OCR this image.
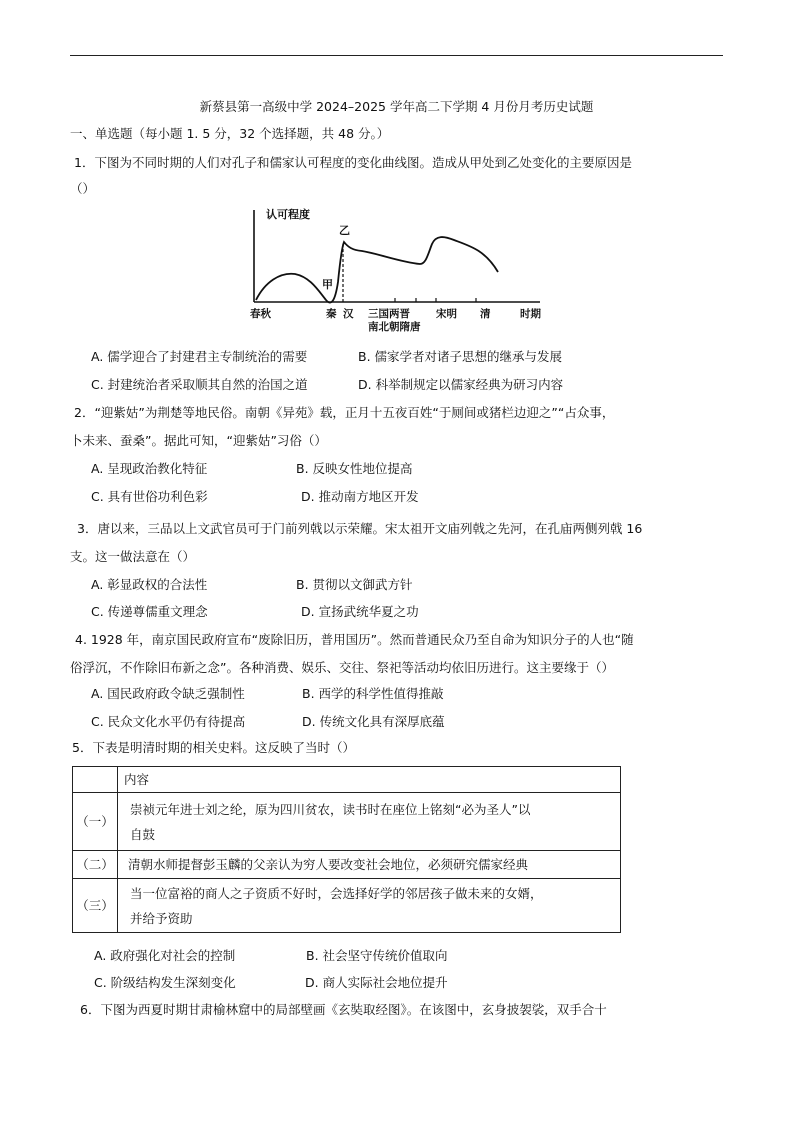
新蔡县第一高级中学 2024–2025 学年高二下学期 4 月份月考历史试题
一、单选题（每小题 1. 5 分，32 个选择题，共 48 分。）
1．下图为不同时期的人们对孔子和儒家认可程度的变化曲线图。造成从甲处到乙处变化的主要原因是
（）
认可程度
乙
甲
春秋	秦 汉 三国两晋
南北朝隋唐
宋明 清	时期
A. 儒学迎合了封建君主专制统治的需要	B. 儒家学者对诸子思想的继承与发展
C. 封建统治者采取顺其自然的治国之道	D. 科举制规定以儒家经典为研习内容
2．“迎紫姑”为荆楚等地民俗。南朝《异苑》载，正月十五夜百姓“于厕间或猪栏边迎之”“占众事，
卜未来、蚕桑”。据此可知，“迎紫姑”习俗（）
A. 呈现政治教化特征	B. 反映女性地位提高
C. 具有世俗功利色彩	D. 推动南方地区开发
3．唐以来，三品以上文武官员可于门前列戟以示荣耀。宋太祖开文庙列戟之先河，在孔庙两侧列戟 16
支。这一做法意在（）
A. 彰显政权的合法性	B. 贯彻以文御武方针
C. 传递尊儒重文理念	D. 宣扬武统华夏之功
4. 1928 年，南京国民政府宣布“废除旧历，普用国历”。然而普通民众乃至自命为知识分子的人也“随
俗浮沉，不作除旧布新之念”。各种消费、娱乐、交往、祭祀等活动均依旧历进行。这主要缘于（）
A. 国民政府政令缺乏强制性	B. 西学的科学性值得推敲
C. 民众文化水平仍有待提高	D. 传统文化具有深厚底蕴
5．下表是明清时期的相关史料。这反映了当时（）
	内容
（一）	崇祯元年进士刘之纶，原为四川贫农，读书时在座位上铭刻“必为圣人”以
自鼓

（二）	清朝水师提督彭玉麟的父亲认为穷人要改变社会地位，必须研究儒家经典

（三）	当一位富裕的商人之子资质不好时，会选择好学的邻居孩子做未来的女婿，
并给予资助
A. 政府强化对社会的控制	B. 社会坚守传统价值取向
C. 阶级结构发生深刻变化	D. 商人实际社会地位提升
6．下图为西夏时期甘肃榆林窟中的局部壁画《玄奘取经图》。在该图中，玄身披袈裟，双手合十
